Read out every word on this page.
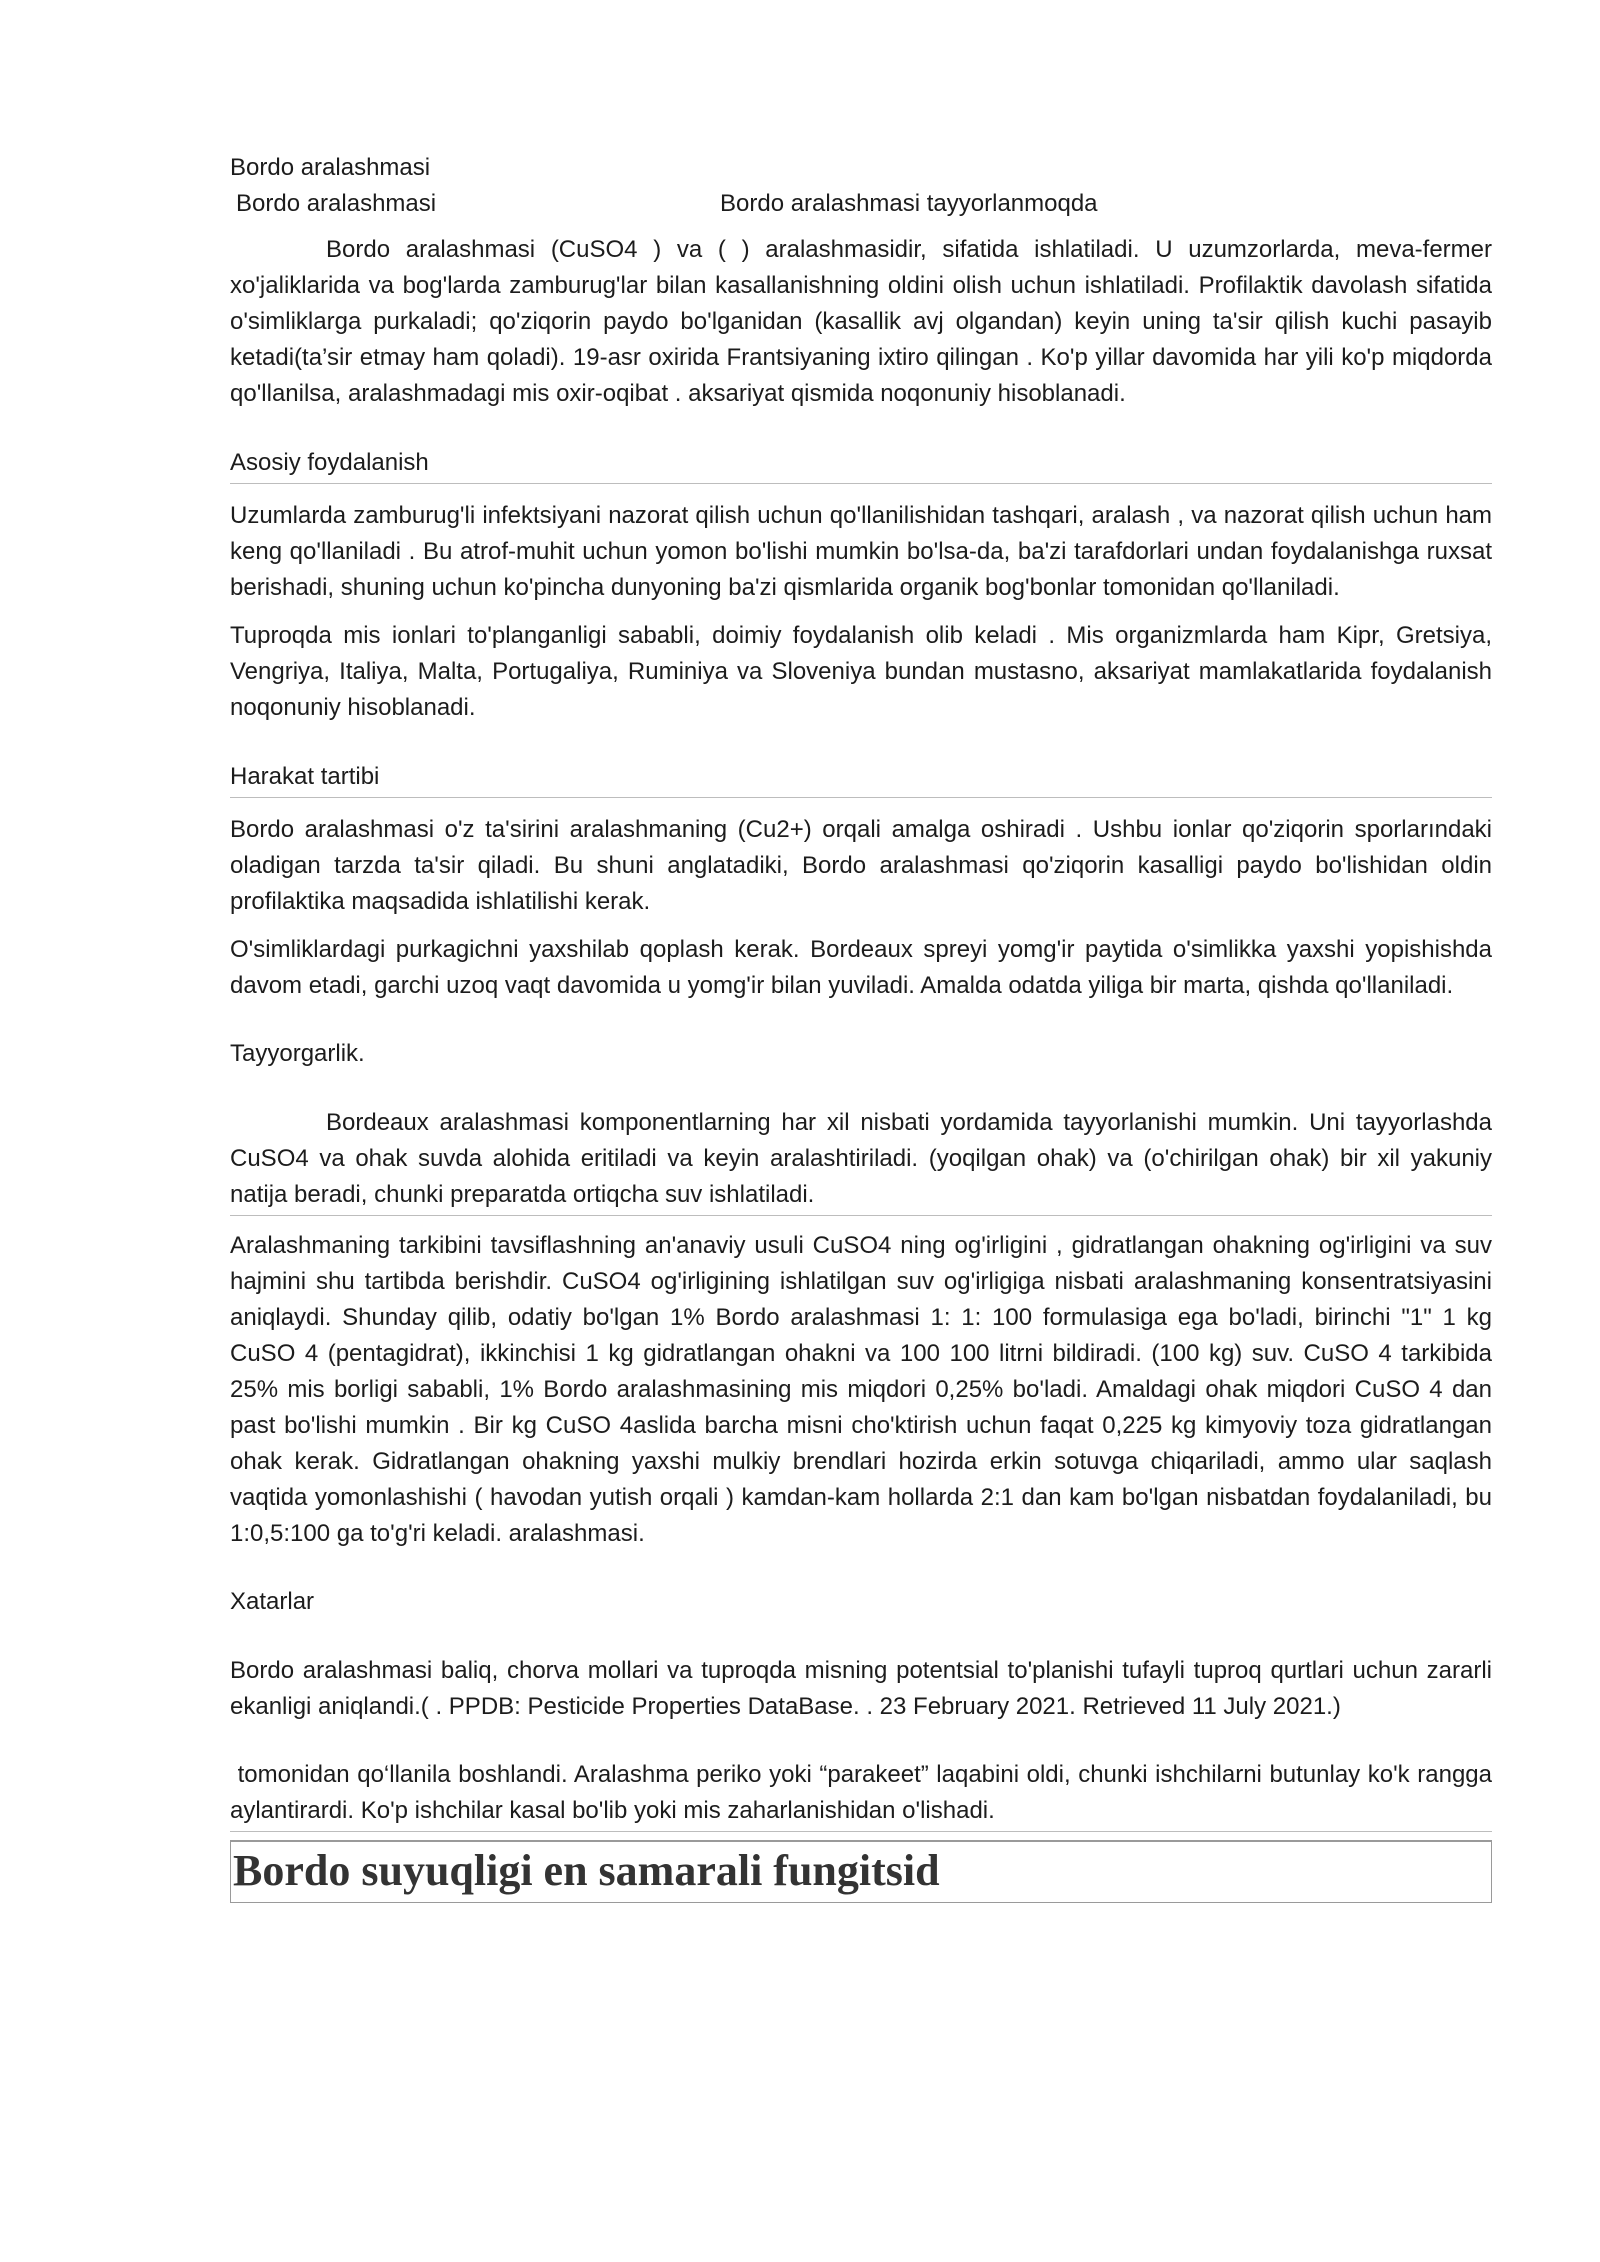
Bordo aralashmasi
Bordo aralashmasi	Bordo aralashmasi tayyorlanmoqda

Bordo aralashmasi (CuSO4 ) va ( ) aralashmasidir, sifatida ishlatiladi. U uzumzorlarda, meva-fermer xo'jaliklarida va bog'larda zamburug'lar bilan kasallanishning oldini olish uchun ishlatiladi. Profilaktik davolash sifatida o'simliklarga purkaladi; qo'ziqorin paydo bo'lganidan (kasallik avj olgandan) keyin uning ta'sir qilish kuchi pasayib ketadi(ta’sir etmay ham qoladi). 19-asr oxirida Frantsiyaning ixtiro qilingan . Ko'p yillar davomida har yili ko'p miqdorda qo'llanilsa, aralashmadagi mis oxir-oqibat . aksariyat qismida noqonuniy hisoblanadi.

Asosiy foydalanish

Uzumlarda zamburug'li infektsiyani nazorat qilish uchun qo'llanilishidan tashqari, aralash , va nazorat qilish uchun ham keng qo'llaniladi . Bu atrof-muhit uchun yomon bo'lishi mumkin bo'lsa-da, ba'zi tarafdorlari undan foydalanishga ruxsat berishadi, shuning uchun ko'pincha dunyoning ba'zi qismlarida organik bog'bonlar tomonidan qo'llaniladi.

Tuproqda mis ionlari to'planganligi sababli, doimiy foydalanish olib keladi . Mis organizmlarda ham Kipr, Gretsiya, Vengriya, Italiya, Malta, Portugaliya, Ruminiya va Sloveniya bundan mustasno, aksariyat mamlakatlarida foydalanish noqonuniy hisoblanadi.

Harakat tartibi

Bordo aralashmasi o'z ta'sirini aralashmaning (Cu2+) orqali amalga oshiradi . Ushbu ionlar qo'ziqorin sporlarındaki oladigan tarzda ta'sir qiladi. Bu shuni anglatadiki, Bordo aralashmasi qo'ziqorin kasalligi paydo bo'lishidan oldin profilaktika maqsadida ishlatilishi kerak.

O'simliklardagi purkagichni yaxshilab qoplash kerak. Bordeaux spreyi yomg'ir paytida o'simlikka yaxshi yopishishda davom etadi, garchi uzoq vaqt davomida u yomg'ir bilan yuviladi. Amalda odatda yiliga bir marta, qishda qo'llaniladi.

Tayyorgarlik.

Bordeaux aralashmasi komponentlarning har xil nisbati yordamida tayyorlanishi mumkin. Uni tayyorlashda CuSO4 va ohak suvda alohida eritiladi va keyin aralashtiriladi. (yoqilgan ohak) va (o'chirilgan ohak) bir xil yakuniy natija beradi, chunki preparatda ortiqcha suv ishlatiladi.

Aralashmaning tarkibini tavsiflashning an'anaviy usuli CuSO4 ning og'irligini , gidratlangan ohakning og'irligini va suv hajmini shu tartibda berishdir. CuSO4 og'irligining ishlatilgan suv og'irligiga nisbati aralashmaning konsentratsiyasini aniqlaydi. Shunday qilib, odatiy bo'lgan 1% Bordo aralashmasi 1: 1: 100 formulasiga ega bo'ladi, birinchi "1" 1 kg CuSO 4 (pentagidrat), ikkinchisi 1 kg gidratlangan ohakni va 100 100 litrni bildiradi. (100 kg) suv. CuSO 4 tarkibida 25% mis borligi sababli, 1% Bordo aralashmasining mis miqdori 0,25% bo'ladi. Amaldagi ohak miqdori CuSO 4 dan past bo'lishi mumkin . Bir kg CuSO 4aslida barcha misni cho'ktirish uchun faqat 0,225 kg kimyoviy toza gidratlangan ohak kerak. Gidratlangan ohakning yaxshi mulkiy brendlari hozirda erkin sotuvga chiqariladi, ammo ular saqlash vaqtida yomonlashishi ( havodan yutish orqali ) kamdan-kam hollarda 2:1 dan kam bo'lgan nisbatdan foydalaniladi, bu 1:0,5:100 ga to'g'ri keladi. aralashmasi.

Xatarlar

Bordo aralashmasi baliq, chorva mollari va tuproqda misning potentsial to'planishi tufayli tuproq qurtlari uchun zararli ekanligi aniqlandi.( . PPDB: Pesticide Properties DataBase. . 23 February 2021. Retrieved 11 July 2021.)

tomonidan qo‘llanila boshlandi. Aralashma periko yoki “parakeet” laqabini oldi, chunki ishchilarni butunlay ko'k rangga aylantirardi. Ko'p ishchilar kasal bo'lib yoki mis zaharlanishidan o'lishadi.

Bordo suyuqligi en samarali fungitsid
